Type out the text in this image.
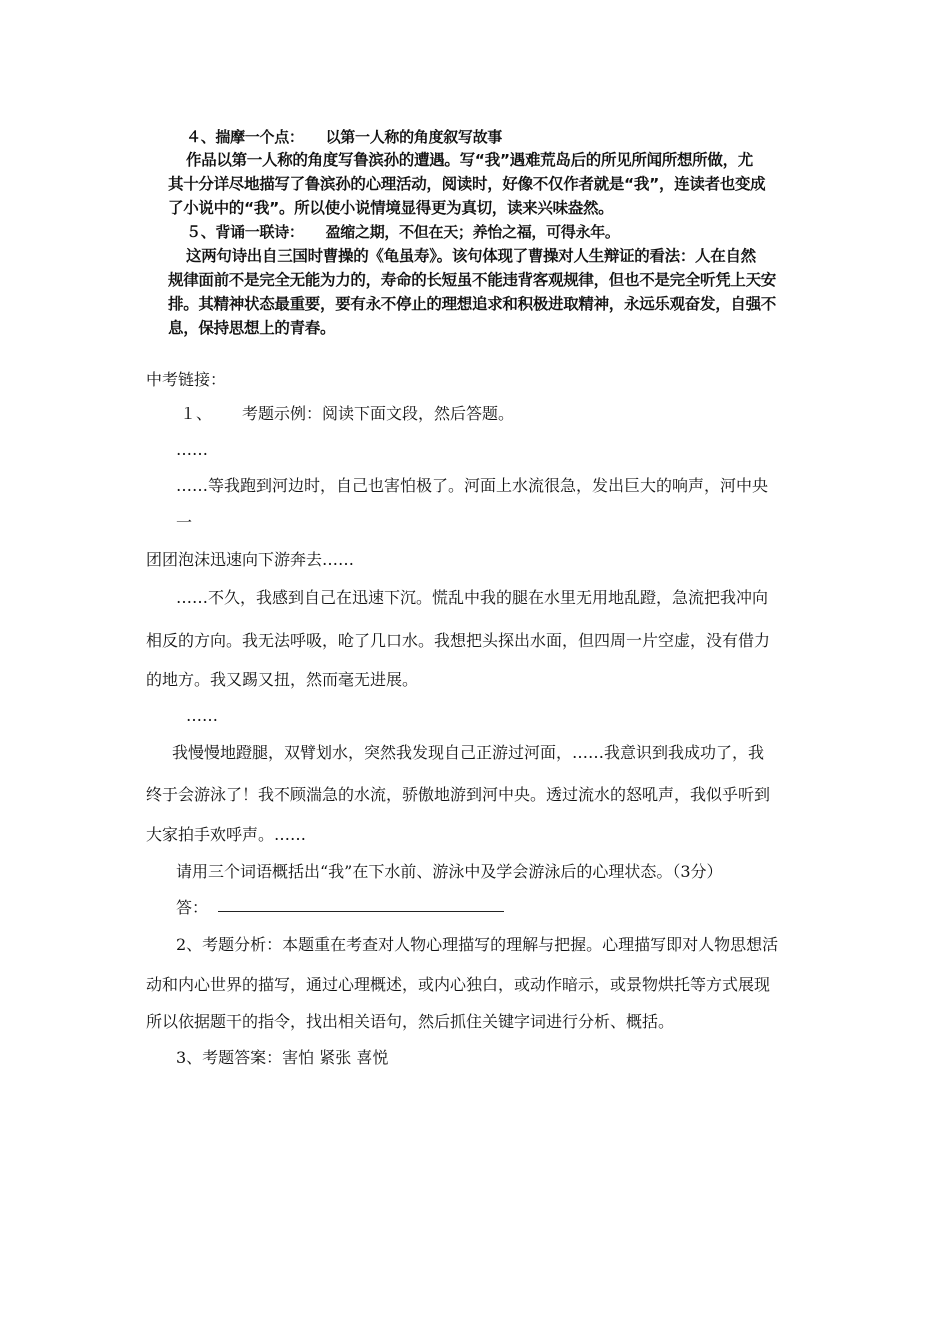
４、揣摩一个点： 以第一人称的角度叙写故事
作品以第一人称的角度写鲁滨孙的遭遇。写“我”遇难荒岛后的所见所闻所想所做，尤
其十分详尽地描写了鲁滨孙的心理活动，阅读时，好像不仅作者就是“我”，连读者也变成
了小说中的“我”。所以使小说情境显得更为真切，读来兴味盎然。
５、背诵一联诗： 盈缩之期，不但在天；养怡之福，可得永年。
这两句诗出自三国时曹操的《龟虽寿》。该句体现了曹操对人生辩证的看法：人在自然
规律面前不是完全无能为力的，寿命的长短虽不能违背客观规律，但也不是完全听凭上天安
排。其精神状态最重要，要有永不停止的理想追求和积极进取精神，永远乐观奋发，自强不
息，保持思想上的青春。
中考链接：
１、 考题示例：阅读下面文段，然后答题。
……
……等我跑到河边时，自己也害怕极了。河面上水流很急，发出巨大的响声，河中央
一
团团泡沫迅速向下游奔去……
……不久，我感到自己在迅速下沉。慌乱中我的腿在水里无用地乱蹬，急流把我冲向
相反的方向。我无法呼吸，呛了几口水。我想把头探出水面，但四周一片空虚，没有借力
的地方。我又踢又扭，然而毫无进展。
……
我慢慢地蹬腿，双臂划水，突然我发现自己正游过河面，……我意识到我成功了，我
终于会游泳了！我不顾湍急的水流，骄傲地游到河中央。透过流水的怒吼声，我似乎听到
大家拍手欢呼声。……
请用三个词语概括出“我”在下水前、游泳中及学会游泳后的心理状态。（3分）
答：
2、考题分析：本题重在考查对人物心理描写的理解与把握。心理描写即对人物思想活
动和内心世界的描写，通过心理概述，或内心独白，或动作暗示，或景物烘托等方式展现
所以依据题干的指令，找出相关语句，然后抓住关键字词进行分析、概括。
3、考题答案：害怕 紧张 喜悦
